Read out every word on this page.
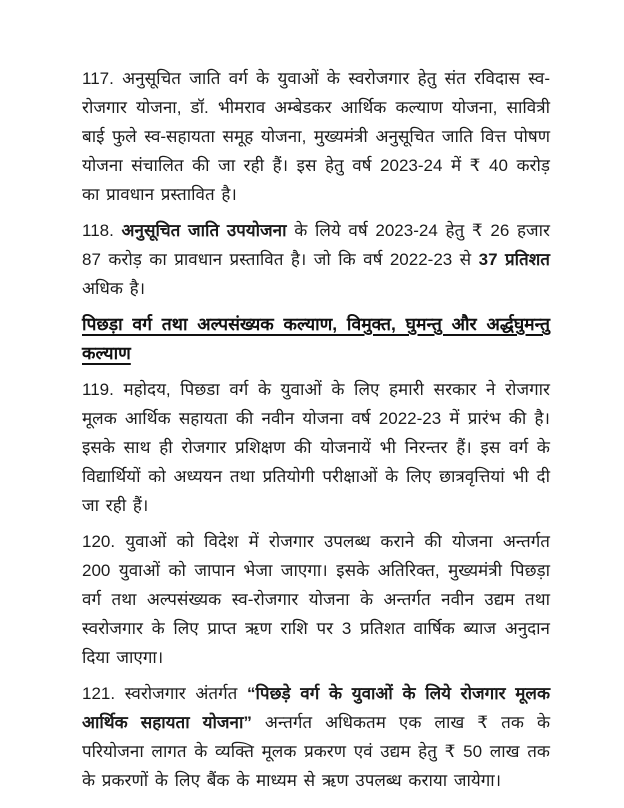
117. अनुसूचित जाति वर्ग के युवाओं के स्वरोजगार हेतु संत रविदास स्व-रोजगार योजना, डॉ. भीमराव अम्बेडकर आर्थिक कल्याण योजना, सावित्री बाई फुले स्व-सहायता समूह योजना, मुख्यमंत्री अनुसूचित जाति वित्त पोषण योजना संचालित की जा रही हैं। इस हेतु वर्ष 2023-24 में ₹ 40 करोड़ का प्रावधान प्रस्तावित है।

118. अनुसूचित जाति उपयोजना के लिये वर्ष 2023-24 हेतु ₹ 26 हजार 87 करोड़ का प्रावधान प्रस्तावित है। जो कि वर्ष 2022-23 से 37 प्रतिशत अधिक है।

पिछड़ा वर्ग तथा अल्पसंख्यक कल्याण, विमुक्त, घुमन्तु और अर्द्धघुमन्तु कल्याण

119. महोदय, पिछडा वर्ग के युवाओं के लिए हमारी सरकार ने रोजगार मूलक आर्थिक सहायता की नवीन योजना वर्ष 2022-23 में प्रारंभ की है। इसके साथ ही रोजगार प्रशिक्षण की योजनायें भी निरन्तर हैं। इस वर्ग के विद्यार्थियों को अध्ययन तथा प्रतियोगी परीक्षाओं के लिए छात्रवृत्तियां भी दी जा रही हैं।

120. युवाओं को विदेश में रोजगार उपलब्ध कराने की योजना अन्तर्गत 200 युवाओं को जापान भेजा जाएगा। इसके अतिरिक्त, मुख्यमंत्री पिछड़ा वर्ग तथा अल्पसंख्यक स्व-रोजगार योजना के अन्तर्गत नवीन उद्यम तथा स्वरोजगार के लिए प्राप्त ऋण राशि पर 3 प्रतिशत वार्षिक ब्याज अनुदान दिया जाएगा।

121. स्वरोजगार अंतर्गत “पिछड़े वर्ग के युवाओं के लिये रोजगार मूलक आर्थिक सहायता योजना” अन्तर्गत अधिकतम एक लाख ₹ तक के परियोजना लागत के व्यक्ति मूलक प्रकरण एवं उद्यम हेतु ₹ 50 लाख तक के प्रकरणों के लिए बैंक के माध्यम से ऋण उपलब्ध कराया जायेगा।
